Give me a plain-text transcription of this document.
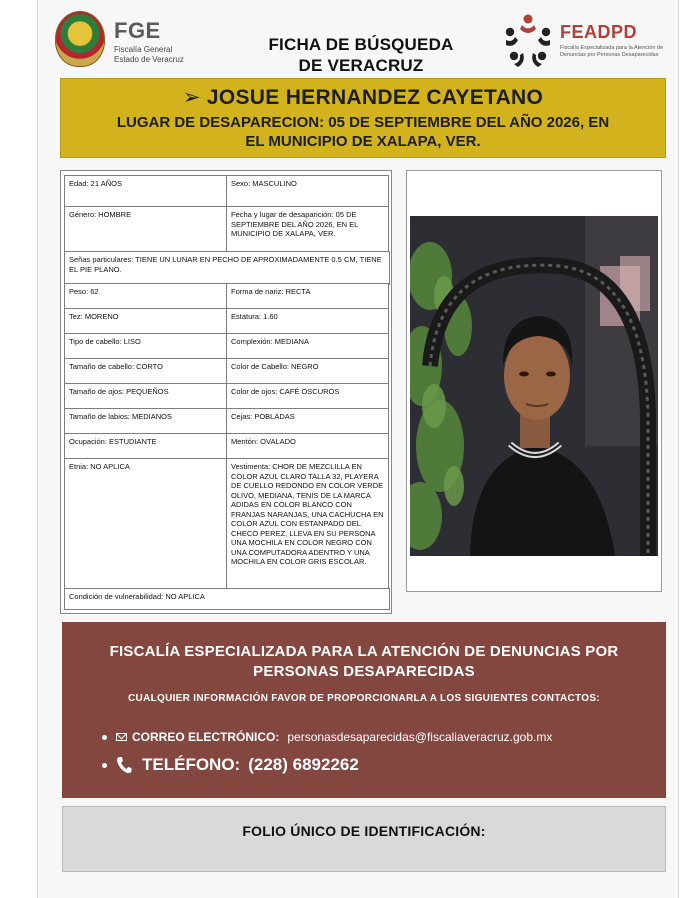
FGE
Fiscalía General
Estado de Veracruz
FICHA DE BÚSQUEDA
DE VERACRUZ
FEADPD
Fiscalía Especializada para la Atención de
Denuncias por Personas Desaparecidas
➢ JOSUE HERNANDEZ CAYETANO
LUGAR DE DESAPARECION: 05 DE SEPTIEMBRE DEL AÑO 2026, EN
EL MUNICIPIO DE XALAPA, VER.
Edad: 21 AÑOS	Sexo: MASCULINO
Género: HOMBRE	Fecha y lugar de desaparición: 05 DE SEPTIEMBRE DEL AÑO 2026, EN EL MUNICIPIO DE XALAPA, VER.
Señas particulares: TIENE UN LUNAR EN PECHO DE APROXIMADAMENTE 0.5 CM, TIENE EL PIE PLANO.
Peso: 62	Forma de nariz: RECTA
Tez: MORENO	Estatura: 1.60
Tipo de cabello: LISO	Complexión: MEDIANA
Tamaño de cabello: CORTO	Color de Cabello: NEGRO
Tamaño de ojos: PEQUEÑOS	Color de ojos: CAFÉ OSCUROS
Tamaño de labios: MEDIANOS	Cejas: POBLADAS
Ocupación: ESTUDIANTE	Mentón: OVALADO
Etnia: NO APLICA	Vestimenta: CHOR DE MEZCLILLA EN COLOR AZUL CLARO TALLA 32, PLAYERA DE CUELLO REDONDO EN COLOR VERDE OLIVO, MEDIANA, TENIS DE LA MARCA ADIDAS EN COLOR BLANCO CON FRANJAS NARANJAS, UNA CACHUCHA EN COLOR AZUL CON ESTANPADO DEL CHECO PEREZ, LLEVA EN SU PERSONA UNA MOCHILA EN COLOR NEGRO CON UNA COMPUTADORA ADENTRO Y UNA MOCHILA EN COLOR GRIS ESCOLAR.
Condición de vulnerabilidad: NO APLICA
FISCALÍA ESPECIALIZADA PARA LA ATENCIÓN DE DENUNCIAS POR
PERSONAS DESAPARECIDAS
CUALQUIER INFORMACIÓN FAVOR DE PROPORCIONARLA A LOS SIGUIENTES CONTACTOS:
CORREO ELECTRÓNICO: personasdesaparecidas@fiscaliaveracruz.gob.mx
TELÉFONO: (228) 6892262
FOLIO ÚNICO DE IDENTIFICACIÓN:
